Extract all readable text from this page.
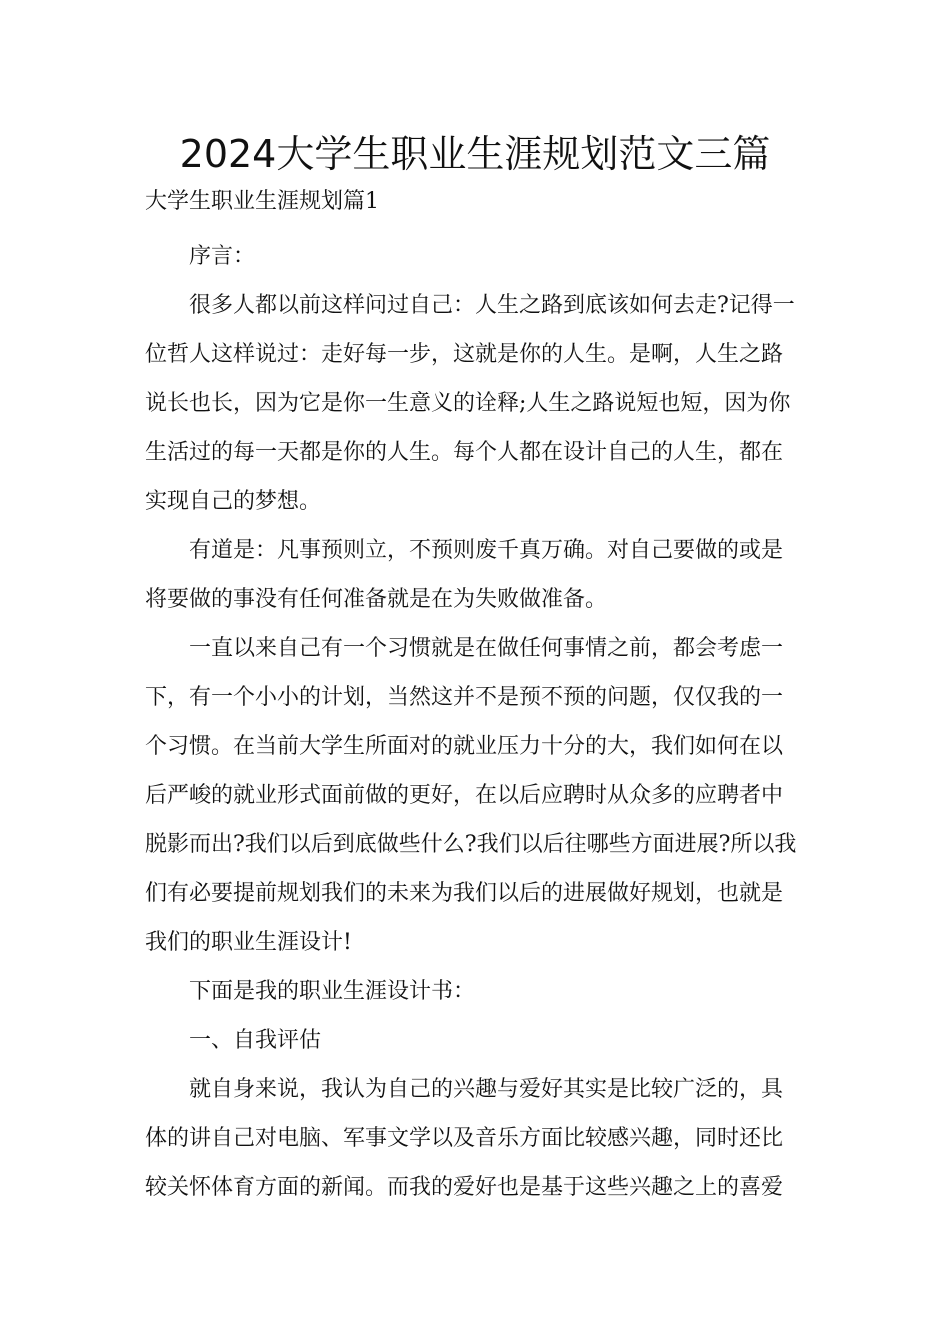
2024大学生职业生涯规划范文三篇
大学生职业生涯规划篇1
序言：
很多人都以前这样问过自己：人生之路到底该如何去走?记得一
位哲人这样说过：走好每一步，这就是你的人生。是啊，人生之路
说长也长，因为它是你一生意义的诠释;人生之路说短也短，因为你
生活过的每一天都是你的人生。每个人都在设计自己的人生，都在
实现自己的梦想。
有道是：凡事预则立，不预则废千真万确。对自己要做的或是
将要做的事没有任何准备就是在为失败做准备。
一直以来自己有一个习惯就是在做任何事情之前，都会考虑一
下，有一个小小的计划，当然这并不是预不预的问题，仅仅我的一
个习惯。在当前大学生所面对的就业压力十分的大，我们如何在以
后严峻的就业形式面前做的更好，在以后应聘时从众多的应聘者中
脱影而出?我们以后到底做些什么?我们以后往哪些方面进展?所以我
们有必要提前规划我们的未来为我们以后的进展做好规划，也就是
我们的职业生涯设计!
下面是我的职业生涯设计书：
一、自我评估
就自身来说，我认为自己的兴趣与爱好其实是比较广泛的，具
体的讲自己对电脑、军事文学以及音乐方面比较感兴趣，同时还比
较关怀体育方面的新闻。而我的爱好也是基于这些兴趣之上的喜爱
